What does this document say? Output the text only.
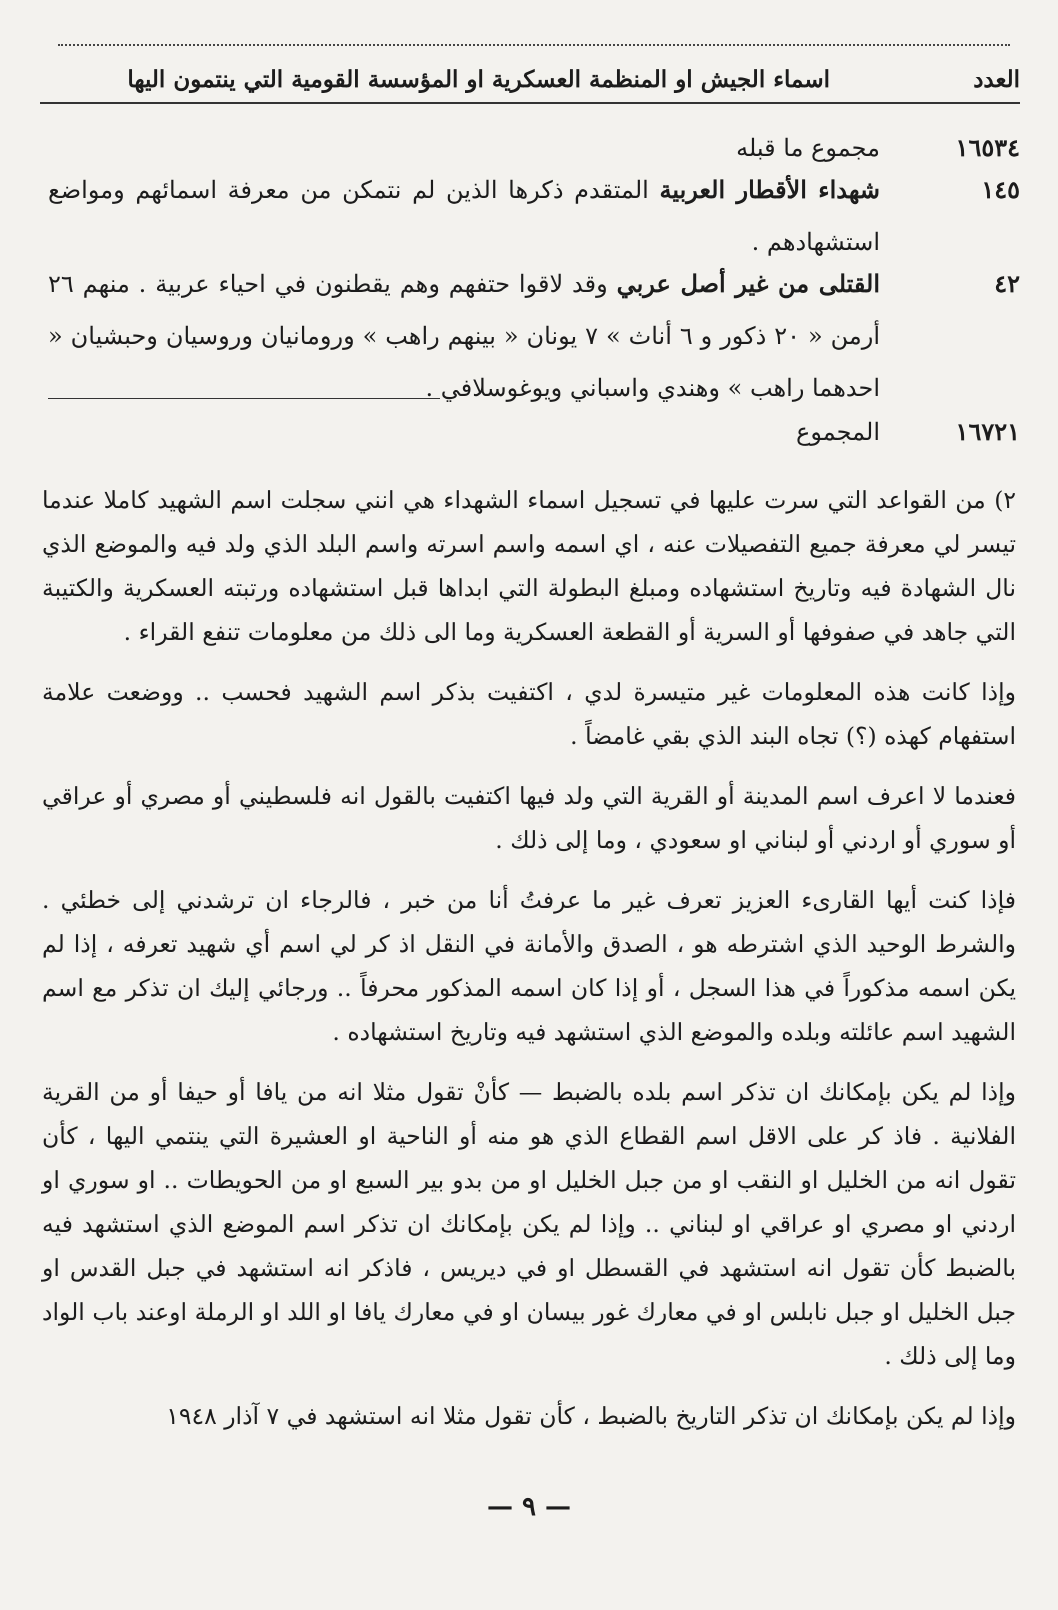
العدد
اسماء الجيش او المنظمة العسكرية او المؤسسة القومية التي ينتمون اليها
١٦٥٣٤
مجموع ما قبله
١٤٥
شهداء الأقطار العربية المتقدم ذكرها الذين لم نتمكن من معرفة اسمائهم ومواضع استشهادهم .
٤٢
القتلى من غير أصل عربي وقد لاقوا حتفهم وهم يقطنون في احياء عربية . منهم ٢٦ أرمن « ٢٠ ذكور و ٦ أناث » ٧ يونان « بينهم راهب » ورومانيان وروسيان وحبشيان « احدهما راهب » وهندي واسباني ويوغوسلافي .
١٦٧٢١
المجموع

٢) من القواعد التي سرت عليها في تسجيل اسماء الشهداء هي انني سجلت اسم الشهيد كاملا عندما تيسر لي معرفة جميع التفصيلات عنه ، اي اسمه واسم اسرته واسم البلد الذي ولد فيه والموضع الذي نال الشهادة فيه وتاريخ استشهاده ومبلغ البطولة التي ابداها قبل استشهاده ورتبته العسكرية والكتيبة التي جاهد في صفوفها أو السرية أو القطعة العسكرية وما الى ذلك من معلومات تنفع القراء .

وإذا كانت هذه المعلومات غير متيسرة لدي ، اكتفيت بذكر اسم الشهيد فحسب .. ووضعت علامة استفهام كهذه (؟) تجاه البند الذي بقي غامضاً .

فعندما لا اعرف اسم المدينة أو القرية التي ولد فيها اكتفيت بالقول انه فلسطيني أو مصري أو عراقي أو سوري أو اردني أو لبناني او سعودي ، وما إلى ذلك .

فإذا كنت أيها القارىء العزيز تعرف غير ما عرفتُ أنا من خبر ، فالرجاء ان ترشدني إلى خطئي . والشرط الوحيد الذي اشترطه هو ، الصدق والأمانة في النقل اذ كر لي اسم أي شهيد تعرفه ، إذا لم يكن اسمه مذكوراً في هذا السجل ، أو إذا كان اسمه المذكور محرفاً .. ورجائي إليك ان تذكر مع اسم الشهيد اسم عائلته وبلده والموضع الذي استشهد فيه وتاريخ استشهاده .

وإذا لم يكن بإمكانك ان تذكر اسم بلده بالضبط — كأنْ تقول مثلا انه من يافا أو حيفا أو من القرية الفلانية . فاذ كر على الاقل اسم القطاع الذي هو منه أو الناحية او العشيرة التي ينتمي اليها ، كأن تقول انه من الخليل او النقب او من جبل الخليل او من بدو بير السبع او من الحويطات .. او سوري او اردني او مصري او عراقي او لبناني .. وإذا لم يكن بإمكانك ان تذكر اسم الموضع الذي استشهد فيه بالضبط كأن تقول انه استشهد في القسطل او في ديريس ، فاذكر انه استشهد في جبل القدس او جبل الخليل او جبل نابلس او في معارك غور بيسان او في معارك يافا او اللد او الرملة اوعند باب الواد وما إلى ذلك .

وإذا لم يكن بإمكانك ان تذكر التاريخ بالضبط ، كأن تقول مثلا انه استشهد في ٧ آذار ١٩٤٨

— ٩ —
